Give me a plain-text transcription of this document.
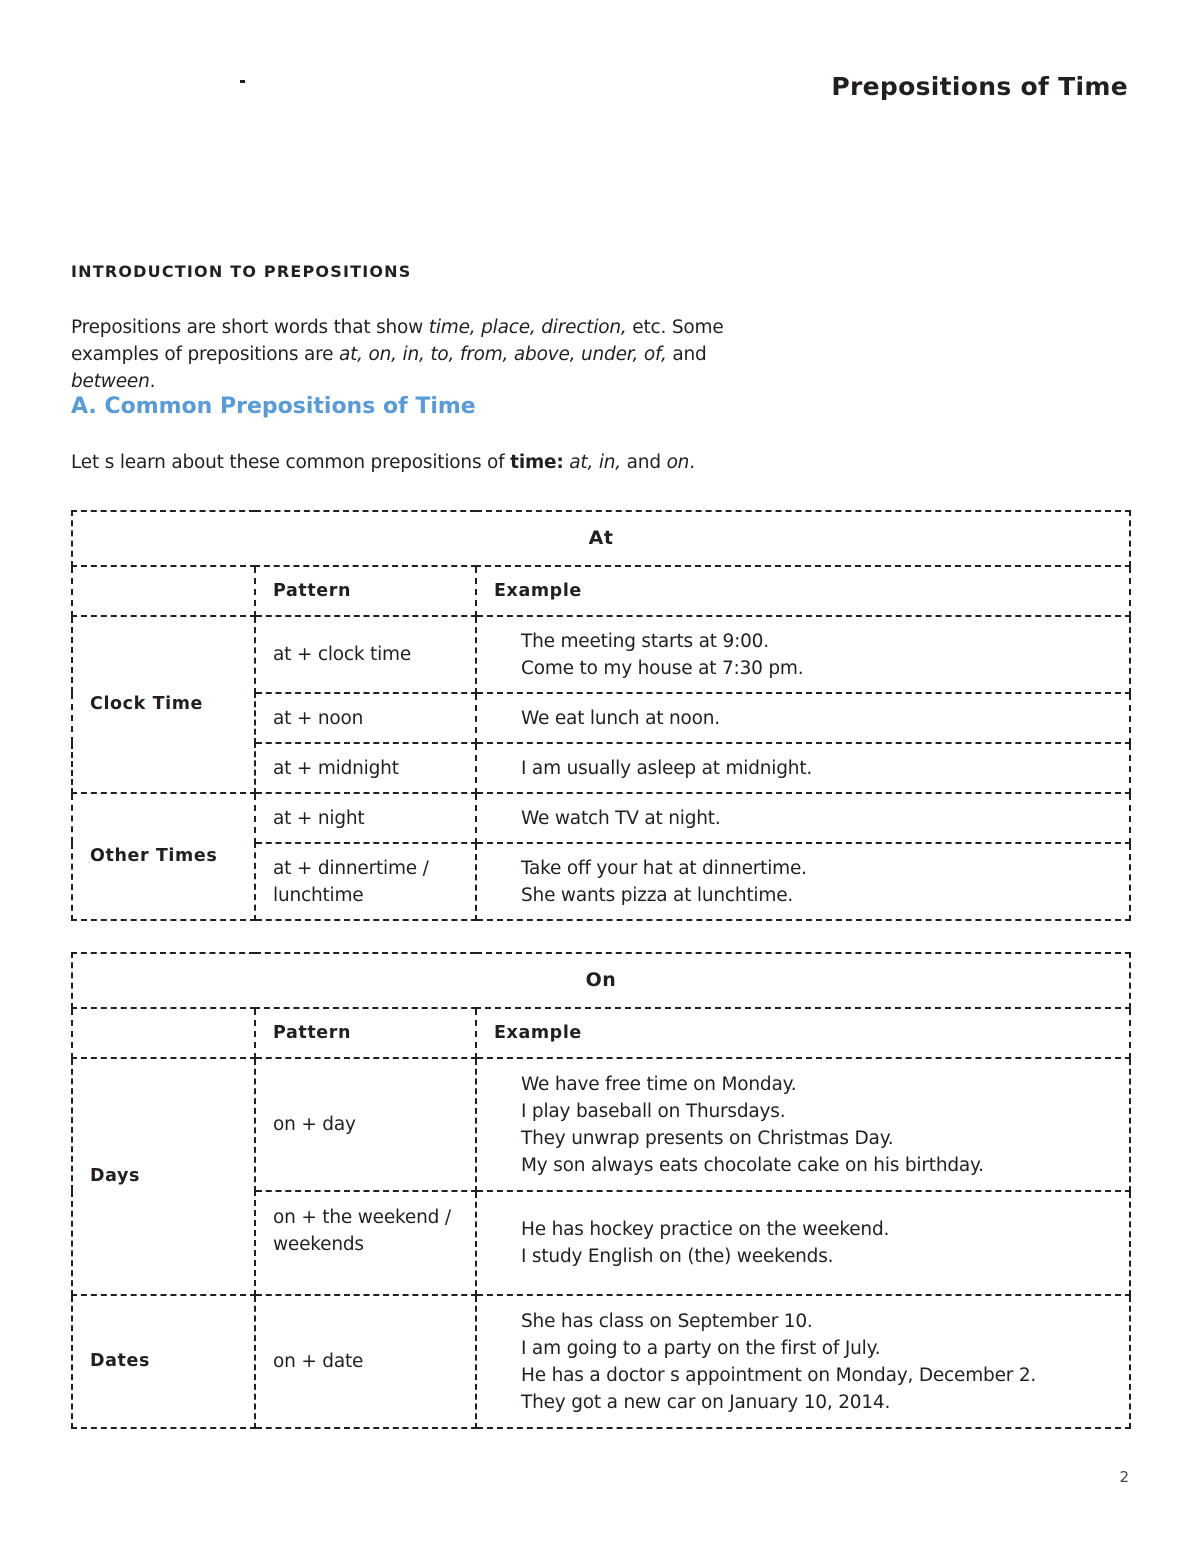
Prepositions of Time
INTRODUCTION TO PREPOSITIONS
Prepositions are short words that show time, place, direction, etc. Some
examples of prepositions are at, on, in, to, from, above, under, of, and between.
A. Common Prepositions of Time
Let s learn about these common prepositions of time: at, in, and on.
At		
	Pattern	Example
Clock Time	at + clock time	The meeting starts at 9:00.
Come to my house at 7:30 pm.

	at + noon	We eat lunch at noon.

	at + midnight	I am usually asleep at midnight.

Other Times	at + night	We watch TV at night.

	at + dinnertime /
lunchtime	Take off your hat at dinnertime.
She wants pizza at lunchtime.
On		
	Pattern	Example
Days	on + day	We have free time on Monday.
I play baseball on Thursdays.
They unwrap presents on Christmas Day.
My son always eats chocolate cake on his birthday.

	on + the weekend /
weekends	He has hockey practice on the weekend.
I study English on (the) weekends.

Dates	on + date	She has class on September 10.
I am going to a party on the first of July.
He has a doctor s appointment on Monday, December 2.
They got a new car on January 10, 2014.
2
